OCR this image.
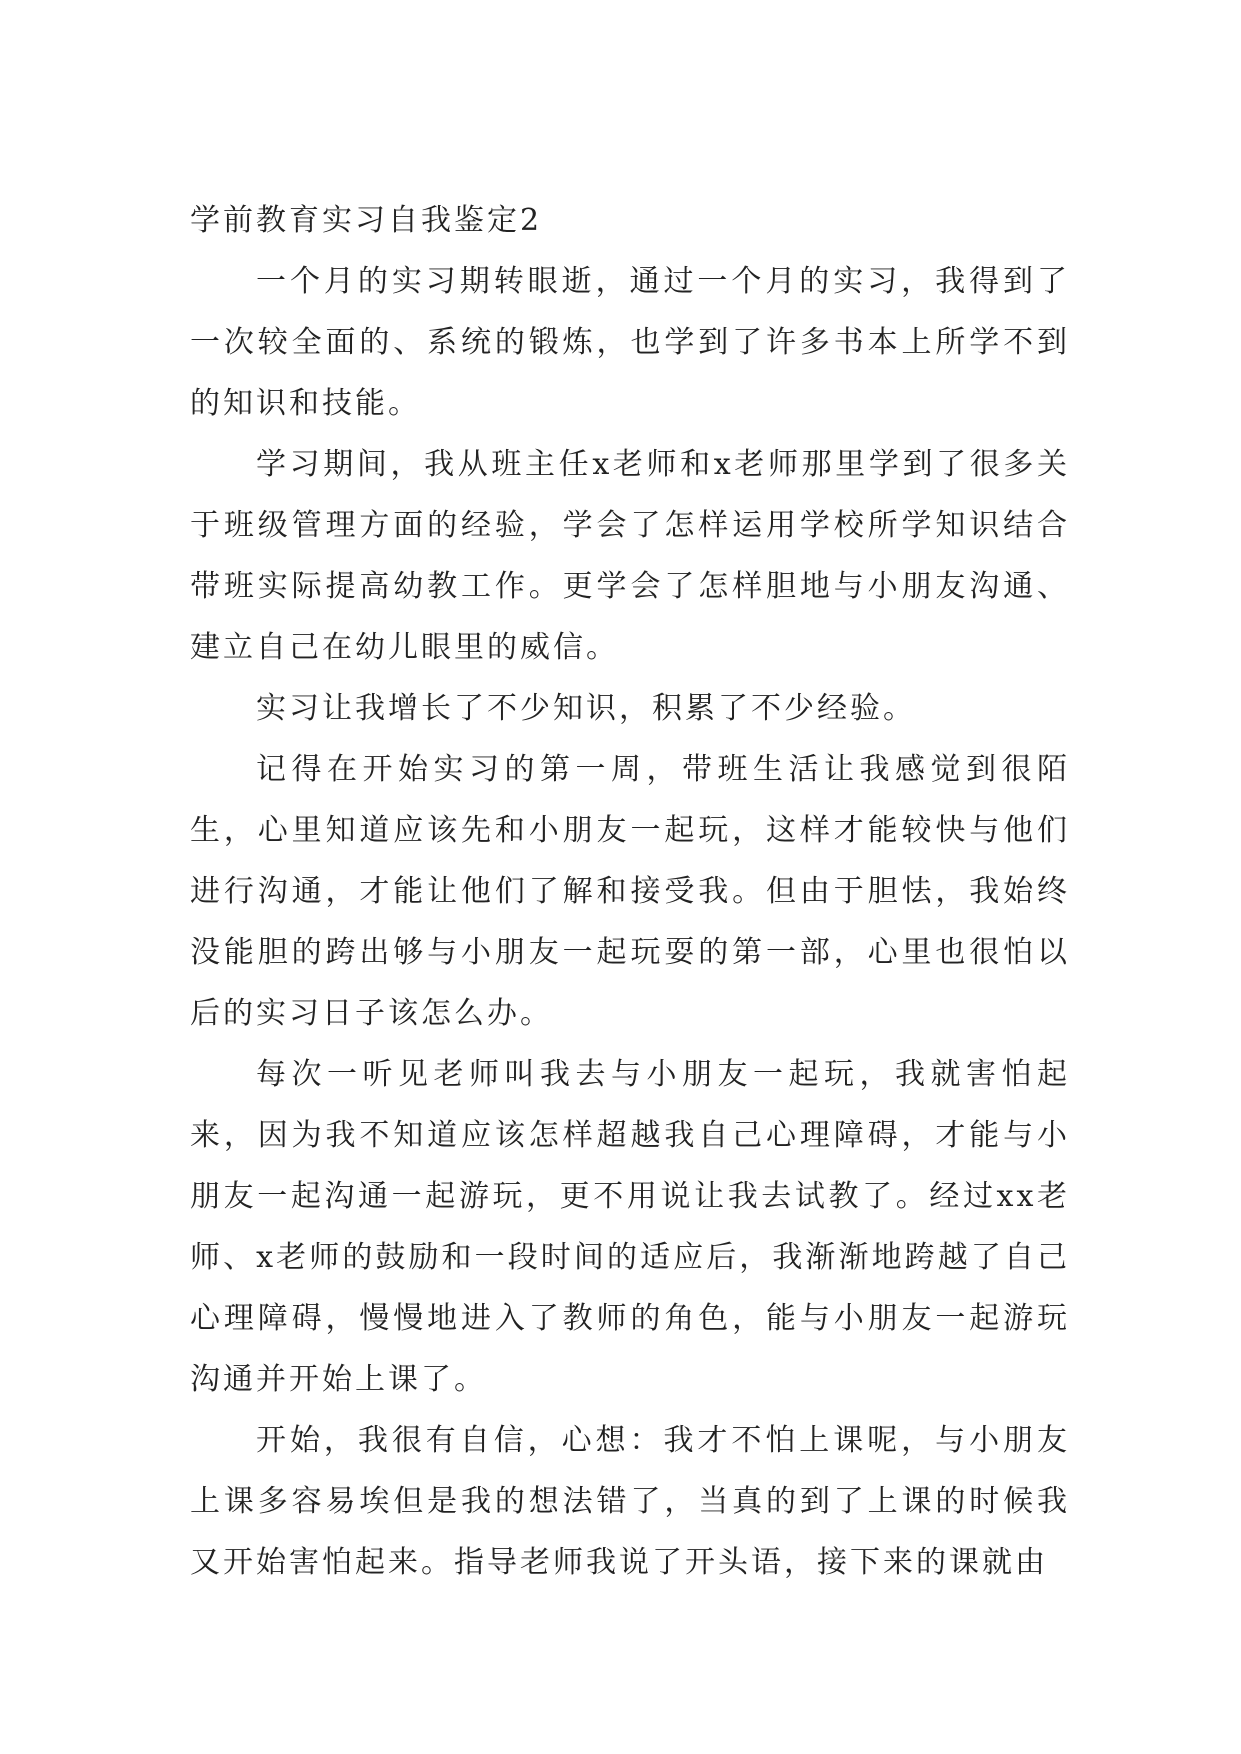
学前教育实习自我鉴定2

一个月的实习期转眼逝，通过一个月的实习，我得到了一次较全面的、系统的锻炼，也学到了许多书本上所学不到的知识和技能。

学习期间，我从班主任x老师和x老师那里学到了很多关于班级管理方面的经验，学会了怎样运用学校所学知识结合带班实际提高幼教工作。更学会了怎样胆地与小朋友沟通、建立自己在幼儿眼里的威信。

实习让我增长了不少知识，积累了不少经验。

记得在开始实习的第一周，带班生活让我感觉到很陌生，心里知道应该先和小朋友一起玩，这样才能较快与他们进行沟通，才能让他们了解和接受我。但由于胆怯，我始终没能胆的跨出够与小朋友一起玩耍的第一部，心里也很怕以后的实习日子该怎么办。

每次一听见老师叫我去与小朋友一起玩，我就害怕起来，因为我不知道应该怎样超越我自己心理障碍，才能与小朋友一起沟通一起游玩，更不用说让我去试教了。经过xx老师、x老师的鼓励和一段时间的适应后，我渐渐地跨越了自己心理障碍，慢慢地进入了教师的角色，能与小朋友一起游玩沟通并开始上课了。

开始，我很有自信，心想：我才不怕上课呢，与小朋友上课多容易埃但是我的想法错了，当真的到了上课的时候我又开始害怕起来。指导老师我说了开头语，接下来的课就由
